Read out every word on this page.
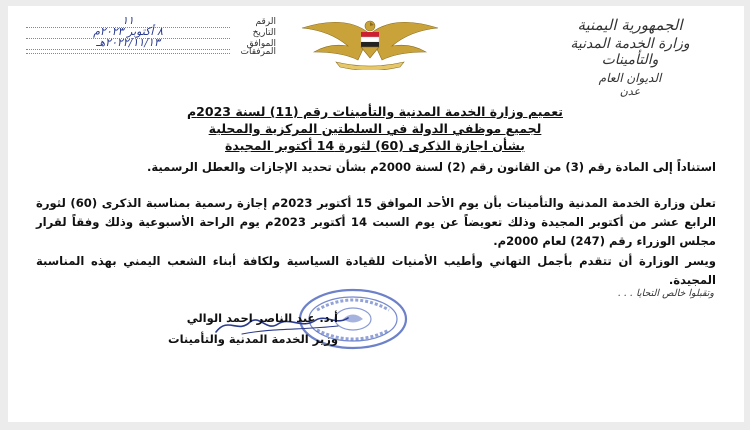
الجمهورية اليمنية
وزارة الخدمة المدنية والتأمينات
الديوان العام
عدن
الرقم
١١
التاريخ
٨ أكتوبر ٢٠٢٣م
الموافق
٢٠٢٢/١١/١٣هـ
المرفقات
تعميم وزارة الخدمة المدنية والتأمينات رقم (11) لسنة 2023م
لجميع موظفي الدولة في السلطتين المركزية والمحلية
بشأن اجازة الذكرى (60) لثورة 14 أكتوبر المجيدة
استناداً إلى المادة رقم (3) من القانون رقم (2) لسنة 2000م بشأن تحديد الإجازات والعطل الرسمية.
تعلن وزارة الخدمة المدنية والتأمينات بأن يوم الأحد الموافق 15 أكتوبر 2023م إجازة رسمية بمناسبة الذكرى (60) لثورة الرابع عشر من أكتوبر المجيدة وذلك تعويضاً عن يوم السبت 14 أكتوبر 2023م يوم الراحة الأسبوعية وذلك وفقاً لقرار مجلس الوزراء رقم (247) لعام 2000م.
ويسر الوزارة أن تتقدم بأجمل التهاني وأطيب الأمنيات للقيادة السياسية ولكافة أبناء الشعب اليمني بهذه المناسبة المجيدة.
وتقبلوا خالص التحايا . . .
أ.د. عبد الناصر احمد الوالي
وزير الخدمة المدنية والتأمينات
